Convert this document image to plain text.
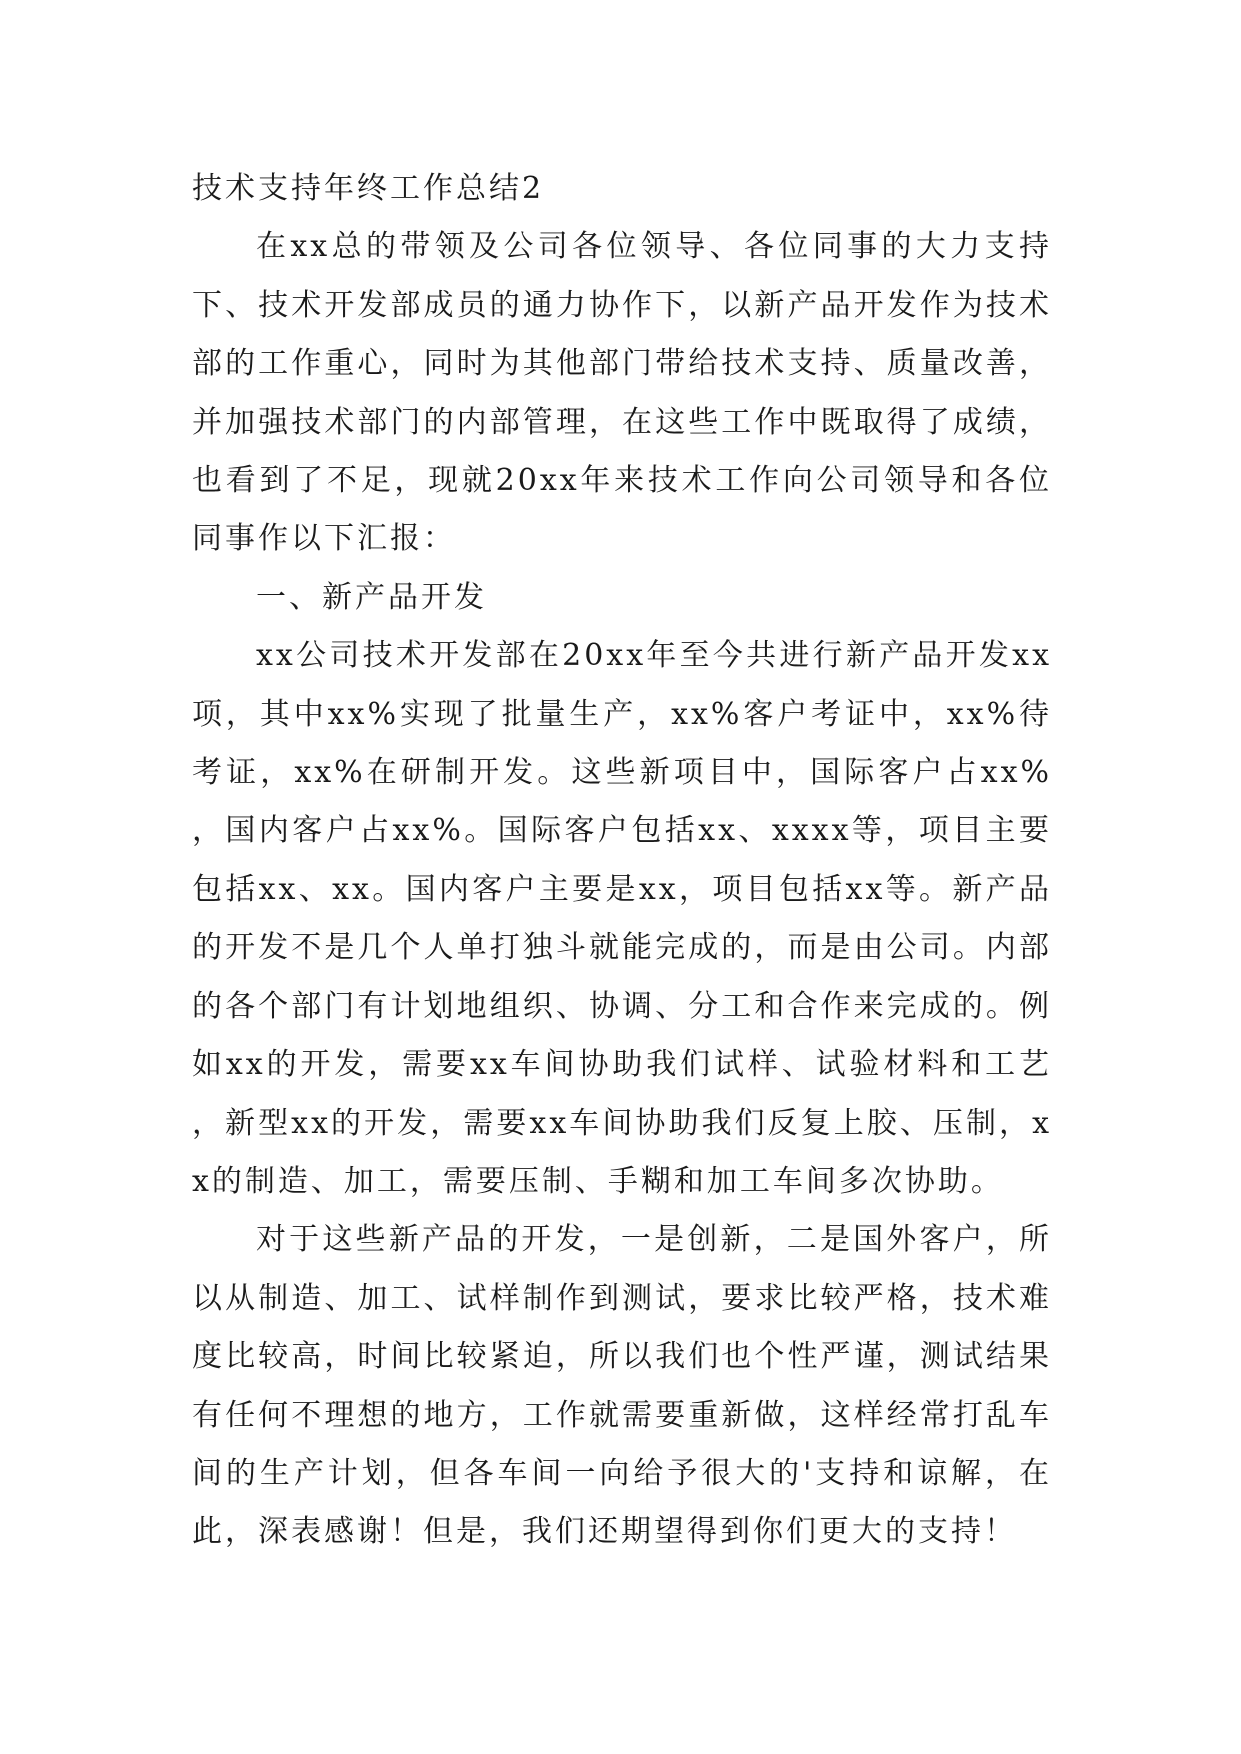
技术支持年终工作总结2

在xx总的带领及公司各位领导、各位同事的大力支持下、技术开发部成员的通力协作下，以新产品开发作为技术部的工作重心，同时为其他部门带给技术支持、质量改善，并加强技术部门的内部管理，在这些工作中既取得了成绩，也看到了不足，现就20xx年来技术工作向公司领导和各位同事作以下汇报：

一、新产品开发

xx公司技术开发部在20xx年至今共进行新产品开发xx项，其中xx%实现了批量生产，xx%客户考证中，xx%待考证，xx%在研制开发。这些新项目中，国际客户占xx%，国内客户占xx%。国际客户包括xx、xxxx等，项目主要包括xx、xx。国内客户主要是xx，项目包括xx等。新产品的开发不是几个人单打独斗就能完成的，而是由公司。内部的各个部门有计划地组织、协调、分工和合作来完成的。例如xx的开发，需要xx车间协助我们试样、试验材料和工艺，新型xx的开发，需要xx车间协助我们反复上胶、压制，xx的制造、加工，需要压制、手糊和加工车间多次协助。

对于这些新产品的开发，一是创新，二是国外客户，所以从制造、加工、试样制作到测试，要求比较严格，技术难度比较高，时间比较紧迫，所以我们也个性严谨，测试结果有任何不理想的地方，工作就需要重新做，这样经常打乱车间的生产计划，但各车间一向给予很大的'支持和谅解，在此，深表感谢！但是，我们还期望得到你们更大的支持！
